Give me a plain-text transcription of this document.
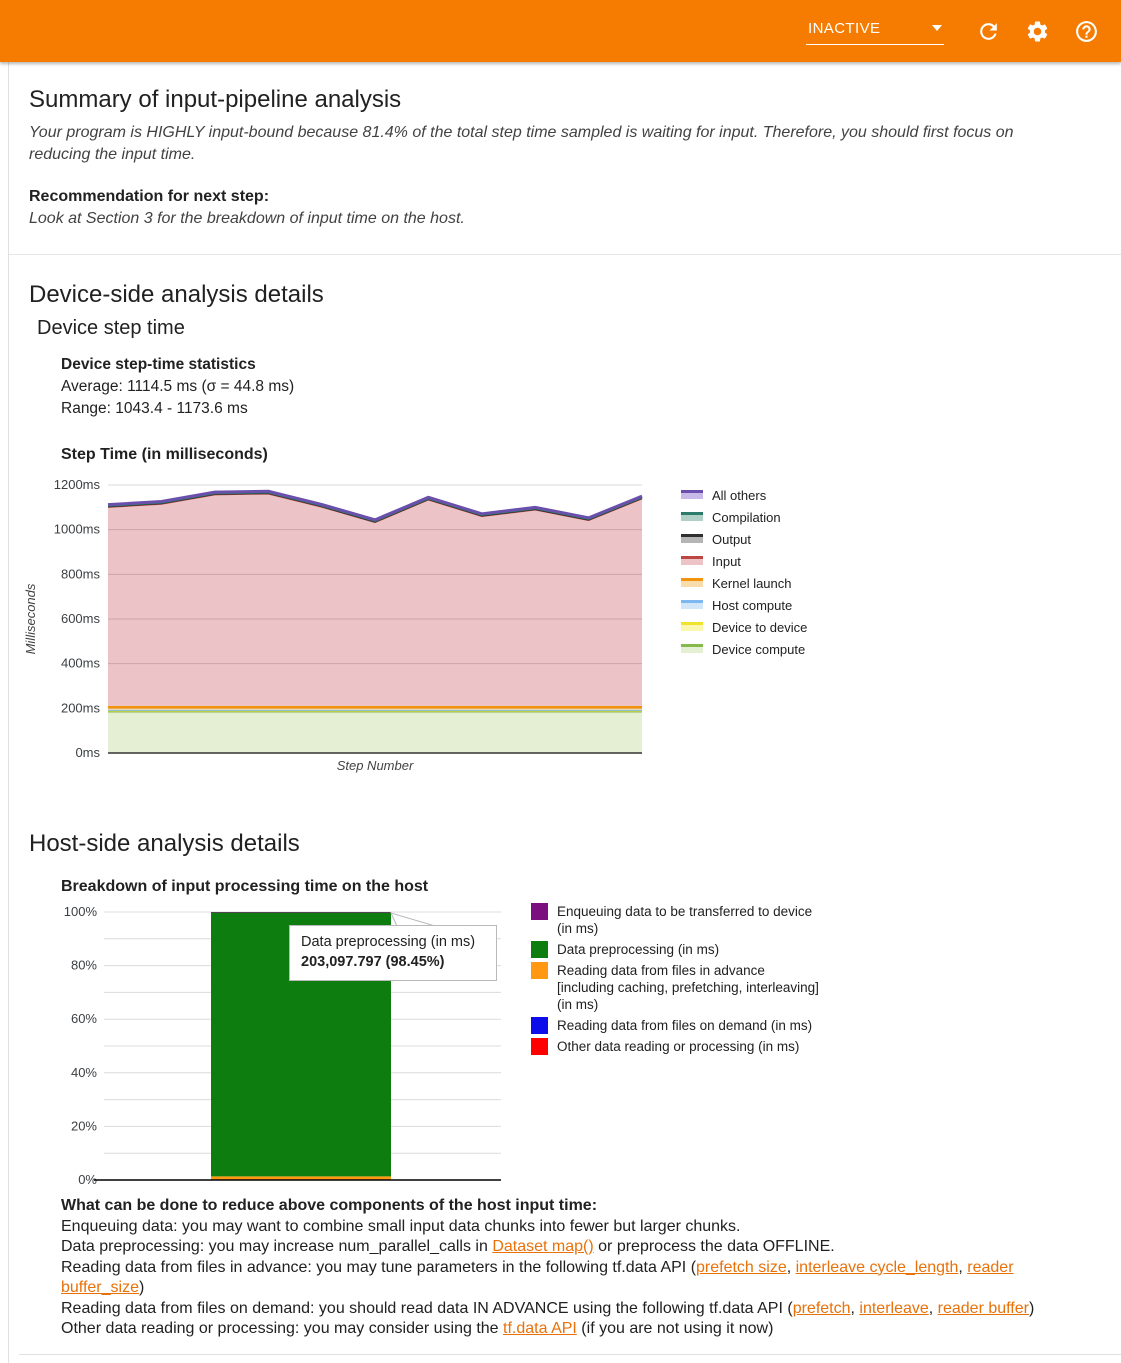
INACTIVE
Summary of input-pipeline analysis

Your program is HIGHLY input-bound because 81.4% of the total step time sampled is waiting for input. Therefore, you should first focus on reducing the input time.

Recommendation for next step:

Look at Section 3 for the breakdown of input time on the host.

Device-side analysis details
Device step time
Device step-time statistics
Average: 1114.5 ms (σ = 44.8 ms)
Range: 1043.4 - 1173.6 ms
Step Time (in milliseconds)
0ms
200ms
400ms
600ms
800ms
1000ms
1200ms
Milliseconds
Step Number
All others
Compilation
Output
Input
Kernel launch
Host compute
Device to device
Device compute
Host-side analysis details
Breakdown of input processing time on the host
0%
20%
40%
60%
80%
100%
Data preprocessing (in ms)
203,097.797 (98.45%)
Enqueuing data to be transferred to device (in ms)
Data preprocessing (in ms)
Reading data from files in advance [including caching, prefetching, interleaving] (in ms)
Reading data from files on demand (in ms)
Other data reading or processing (in ms)
What can be done to reduce above components of the host input time:
Enqueuing data: you may want to combine small input data chunks into fewer but larger chunks.
Data preprocessing: you may increase num_parallel_calls in Dataset map() or preprocess the data OFFLINE.
Reading data from files in advance: you may tune parameters in the following tf.data API (prefetch size, interleave cycle_length, reader buffer_size)
Reading data from files on demand: you should read data IN ADVANCE using the following tf.data API (prefetch, interleave, reader buffer)
Other data reading or processing: you may consider using the tf.data API (if you are not using it now)
